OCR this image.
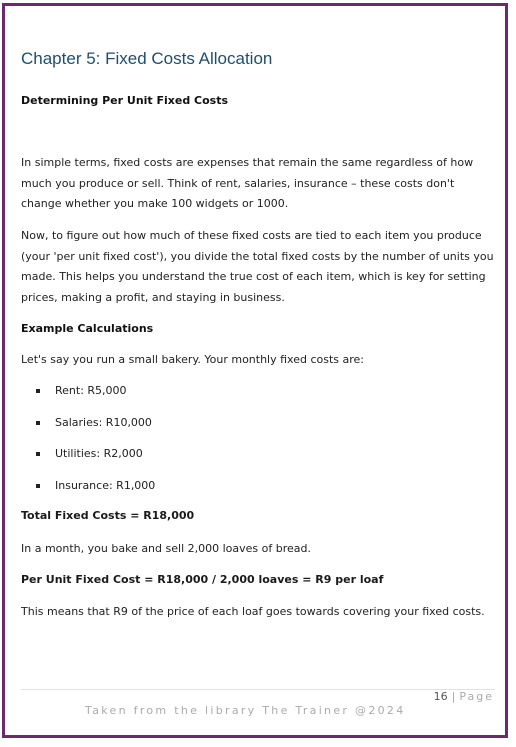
Chapter 5: Fixed Costs Allocation
Determining Per Unit Fixed Costs

In simple terms, fixed costs are expenses that remain the same regardless of how much you produce or sell. Think of rent, salaries, insurance – these costs don't change whether you make 100 widgets or 1000.

Now, to figure out how much of these fixed costs are tied to each item you produce (your 'per unit fixed cost'), you divide the total fixed costs by the number of units you made. This helps you understand the true cost of each item, which is key for setting prices, making a profit, and staying in business.

Example Calculations

Let's say you run a small bakery. Your monthly fixed costs are:

Rent: R5,000
Salaries: R10,000
Utilities: R2,000
Insurance: R1,000

Total Fixed Costs = R18,000

In a month, you bake and sell 2,000 loaves of bread.

Per Unit Fixed Cost = R18,000 / 2,000 loaves = R9 per loaf

This means that R9 of the price of each loaf goes towards covering your fixed costs.

16 | Page
Taken from the library The Trainer @2024
